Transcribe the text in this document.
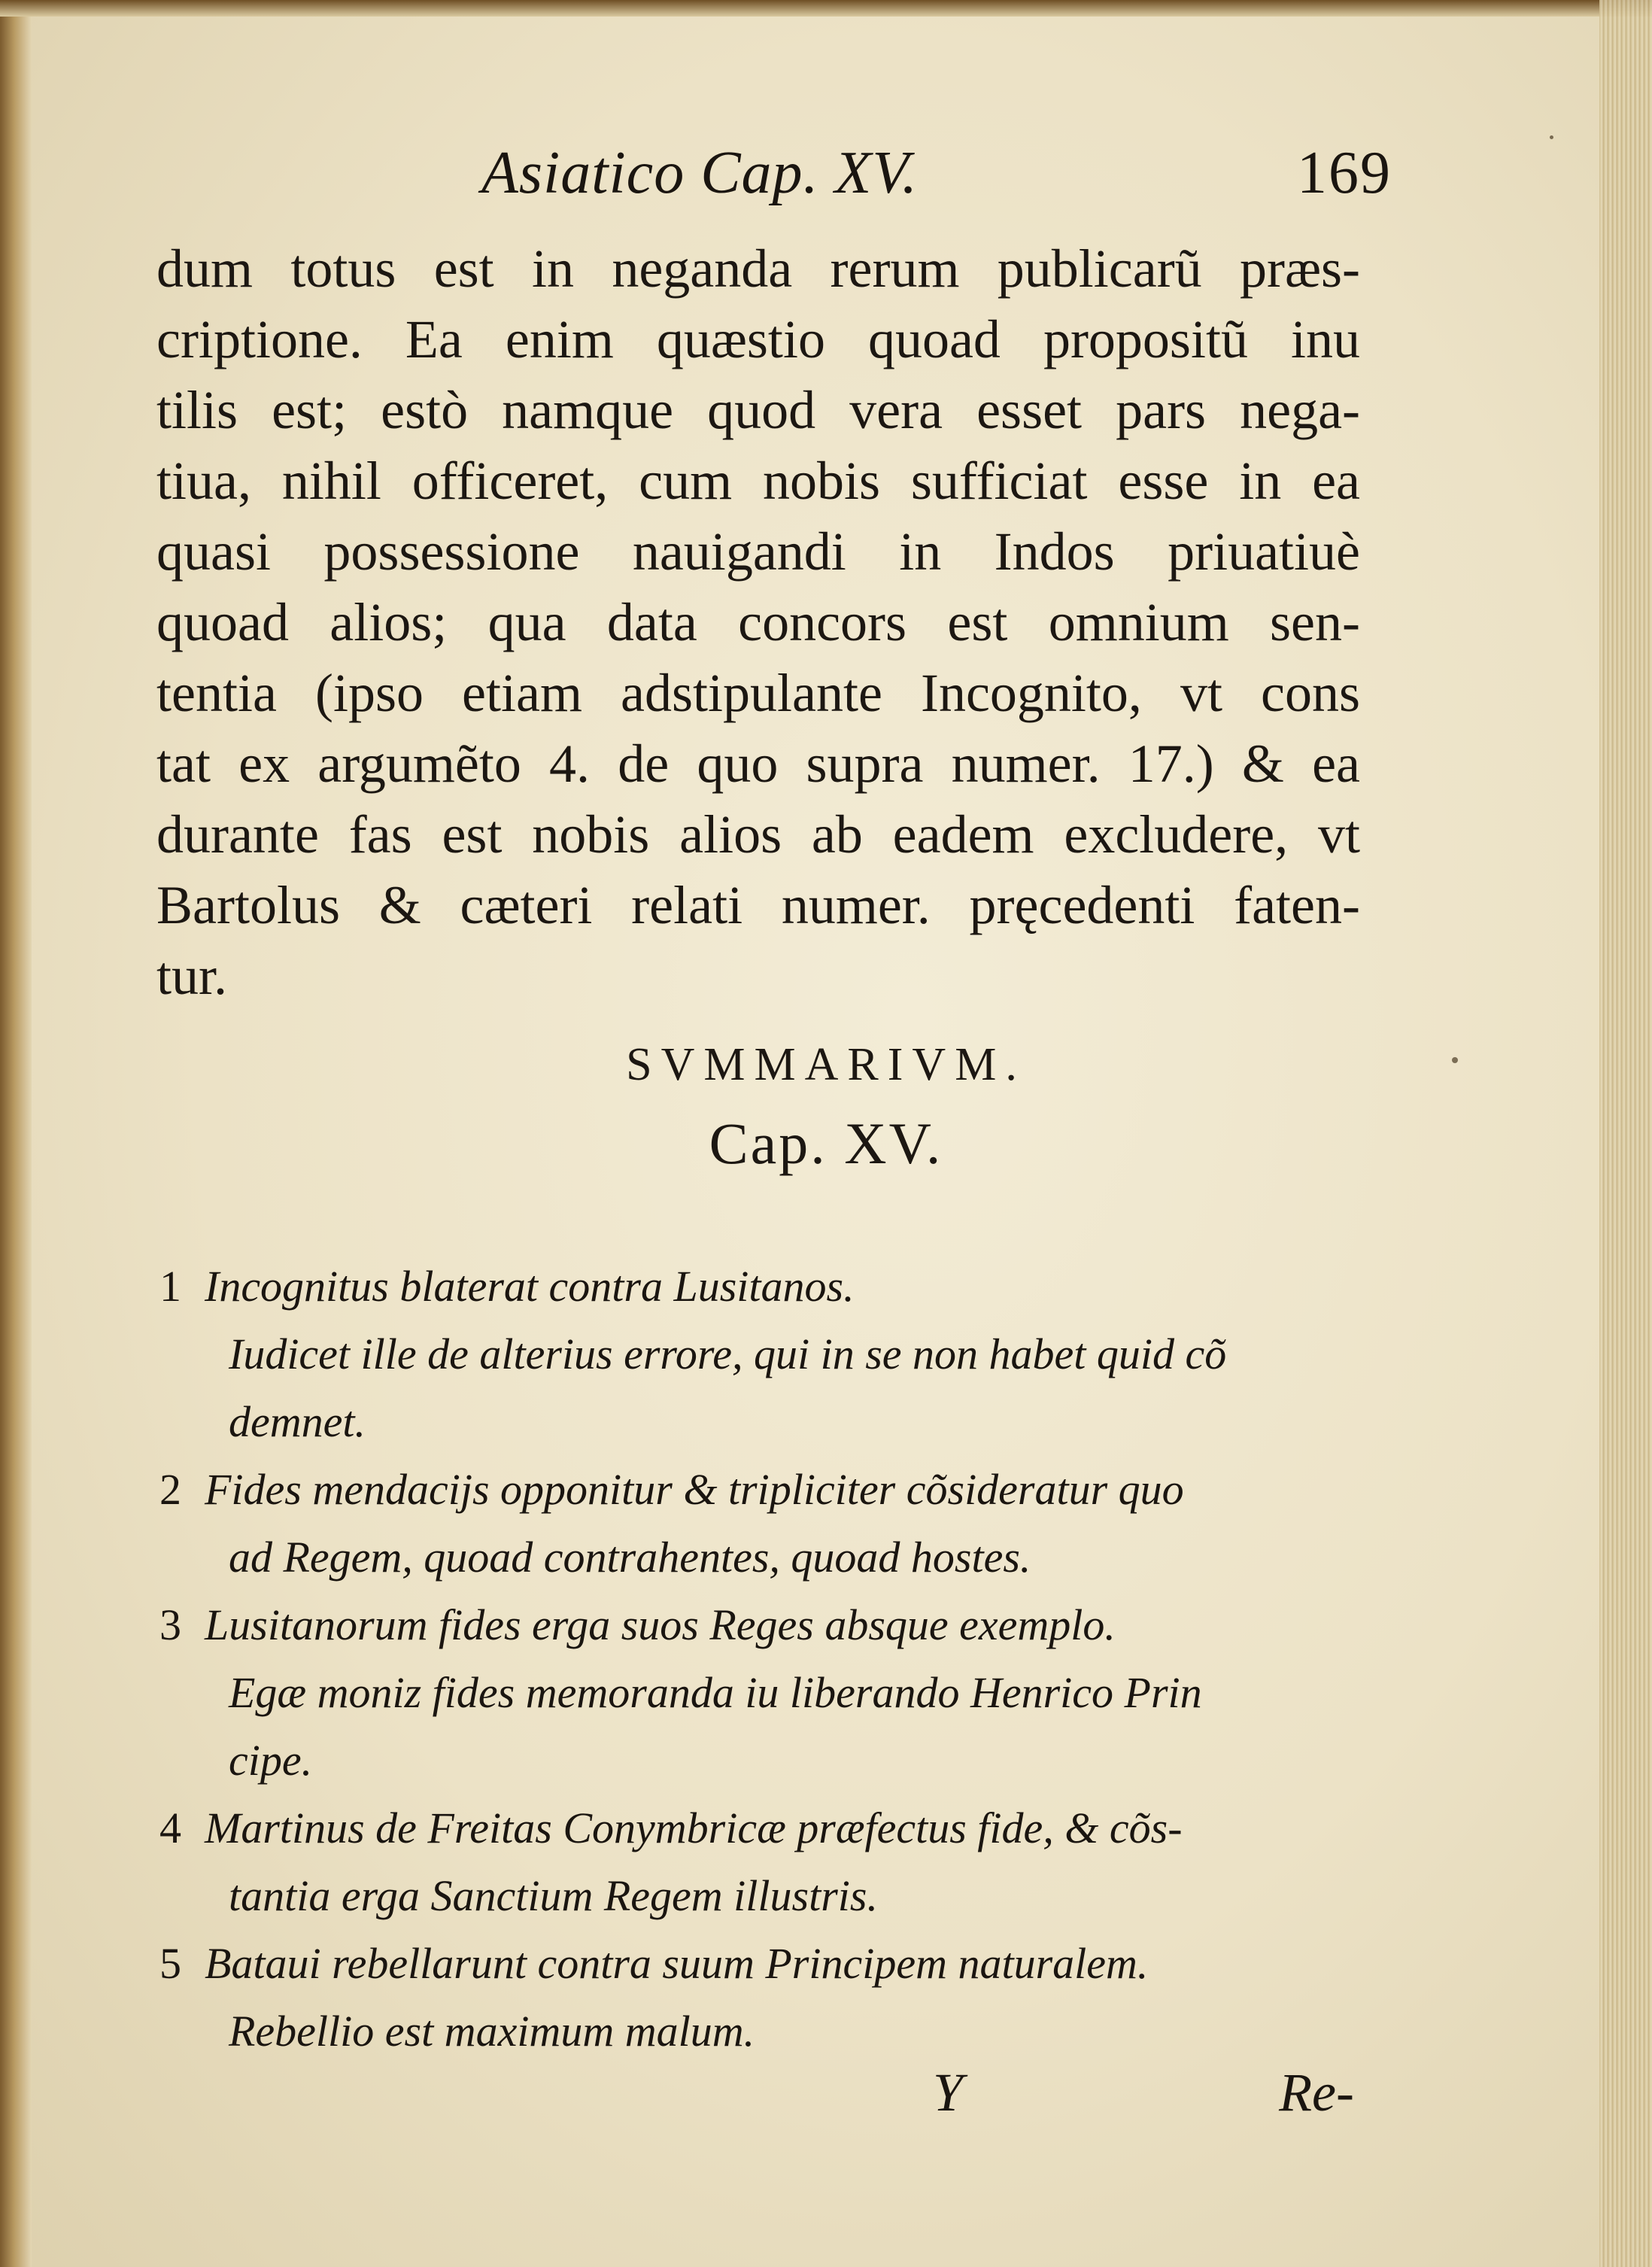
Asiatico Cap. XV.	169
dum totus est in neganda rerum publicarũ præs-
criptione. Ea enim quæstio quoad propositũ inu
tilis est; estò namque quod vera esset pars nega-
tiua, nihil officeret, cum nobis sufficiat esse in ea
quasi possessione nauigandi in Indos priuatiuè
quoad alios; qua data concors est omnium sen-
tentia (ipso etiam adstipulante Incognito, vt cons
tat ex argumẽto 4. de quo supra numer. 17.) & ea
durante fas est nobis alios ab eadem excludere, vt
Bartolus & cæteri relati numer. pręcedenti faten-
tur.
SVMMARIVM.
Cap. XV.
1 Incognitus blaterat contra Lusitanos.
Iudicet ille de alterius errore, qui in se non habet quid cõ
demnet.
2 Fides mendacijs opponitur & tripliciter cõsideratur quo
ad Regem, quoad contrahentes, quoad hostes.
3 Lusitanorum fides erga suos Reges absque exemplo.
Egæ moniz fides memoranda iu liberando Henrico Prin
cipe.
4 Martinus de Freitas Conymbricæ præfectus fide, & cõs-
tantia erga Sanctium Regem illustris.
5 Bataui rebellarunt contra suum Principem naturalem.
Rebellio est maximum malum.
Y	Re-
